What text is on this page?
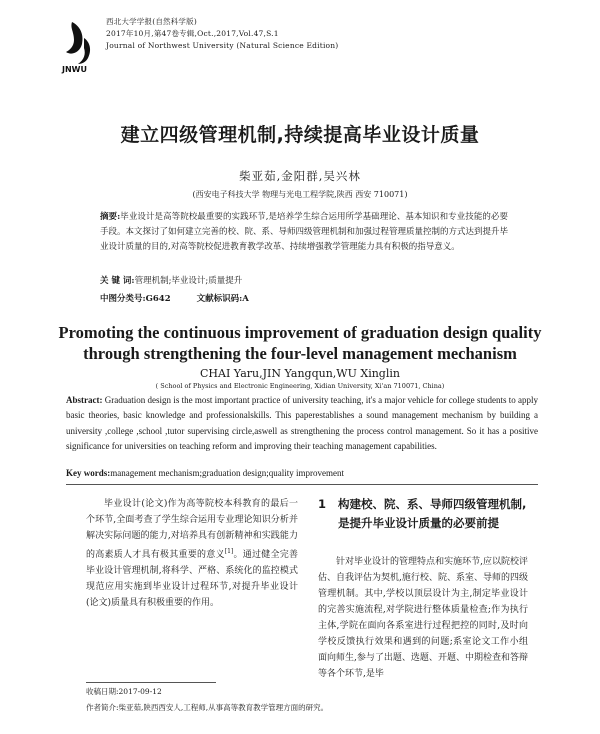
JNWU
西北大学学报(自然科学版)
2017年10月,第47卷专辑,Oct.,2017,Vol.47,S.1
Journal of Northwest University (Natural Science Edition)
建立四级管理机制,持续提高毕业设计质量
柴亚茹,金阳群,吴兴林
(西安电子科技大学 物理与光电工程学院,陕西 西安 710071)
摘要:毕业设计是高等院校最重要的实践环节,是培养学生综合运用所学基础理论、基本知识和专业技能的必要手段。本文探讨了如何建立完善的校、院、系、导师四级管理机制和加强过程管理质量控制的方式达到提升毕业设计质量的目的,对高等院校促进教育教学改革、持续增强教学管理能力具有积极的指导意义。
关 键 词:管理机制;毕业设计;质量提升
中图分类号:G642	文献标识码:A
Promoting the continuous improvement of graduation design quality through strengthening the four-level management mechanism
CHAI Yaru,JIN Yangqun,WU Xinglin
( School of Physics and Electronic Engineering, Xidian University, Xi'an 710071, China)
Abstract: Graduation design is the most important practice of university teaching, it's a major vehicle for college students to apply basic theories, basic knowledge and professionalskills. This paperestablishes a sound management mechanism by building a university ,college ,school ,tutor supervising circle,aswell as strengthening the process control management. So it has a positive significance for universities on teaching reform and improving their teaching management capabilities.
Key words:management mechanism;graduation design;quality improvement
毕业设计(论文)作为高等院校本科教育的最后一个环节,全面考查了学生综合运用专业理论知识分析并解决实际问题的能力,对培养具有创新精神和实践能力的高素质人才具有极其重要的意义[1]。通过健全完善毕业设计管理机制,将科学、严格、系统化的监控模式现范应用实施到毕业设计过程环节,对提升毕业设计(论文)质量具有积极重要的作用。
1 构建校、院、系、导师四级管理机制,是提升毕业设计质量的必要前提
针对毕业设计的管理特点和实施环节,应以院校评估、自我评估为契机,施行校、院、系室、导师的四级管理机制。其中,学校以顶层设计为主,制定毕业设计的完善实施流程,对学院进行整体质量检查;作为执行主体,学院在面向各系室进行过程把控的同时,及时向学校反馈执行效果和遇到的问题;系室论文工作小组面向师生,参与了出题、选题、开题、中期检查和答辩等各个环节,是毕
收稿日期:2017-09-12
作者简介:柴亚茹,陕西西安人,工程师,从事高等教育教学管理方面的研究。
